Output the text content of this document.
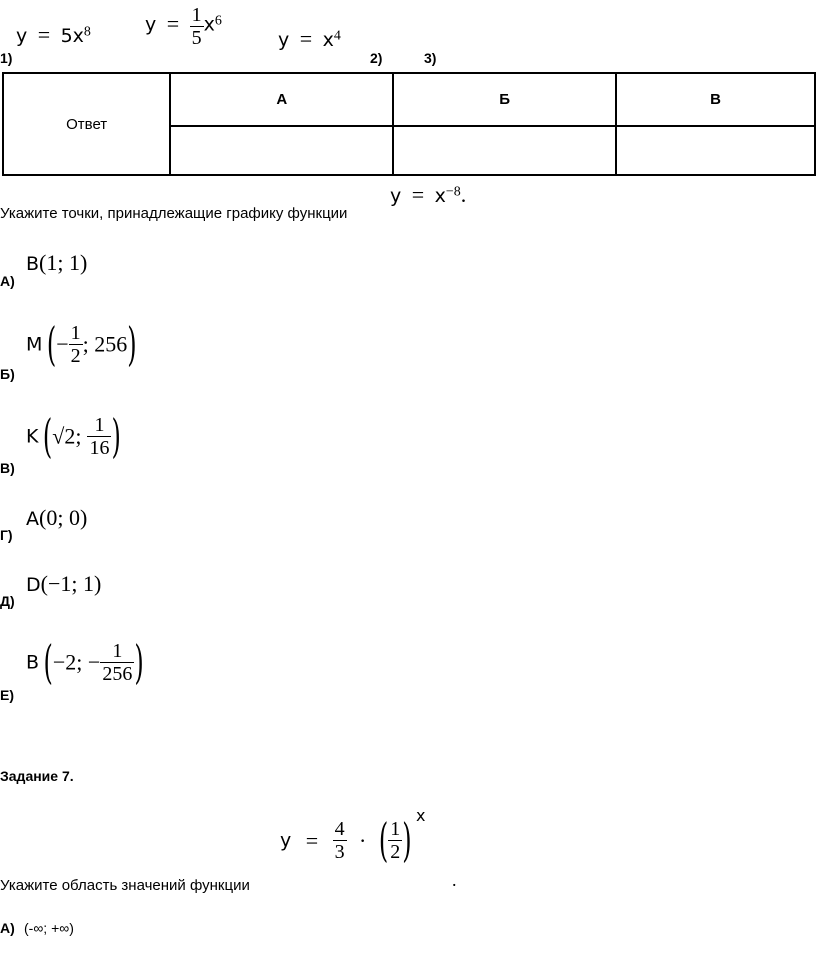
1)
$y = 5x^8$	$y = \frac{1}{5} x^6$
$y = x^4$
2)	3)
Ответ	А	Б	В

Укажите точки, принадлежащие графику функции
$y = x^{-8}$.
А)
B(1; 1)
Б)
M (− $\frac{1}{2}$ ; 256)
В)
K (√2; $\frac{1}{16}$ )
Г)
A(0; 0)
Д)
D(−1; 1)
Е)
B (−2; − $\frac{1}{256}$ )
Задание 7.
Укажите область значений функции
$y = \frac{4}{3}$ · ( $\frac{1}{2}$ ) x
.
А) (-∞; +∞)
